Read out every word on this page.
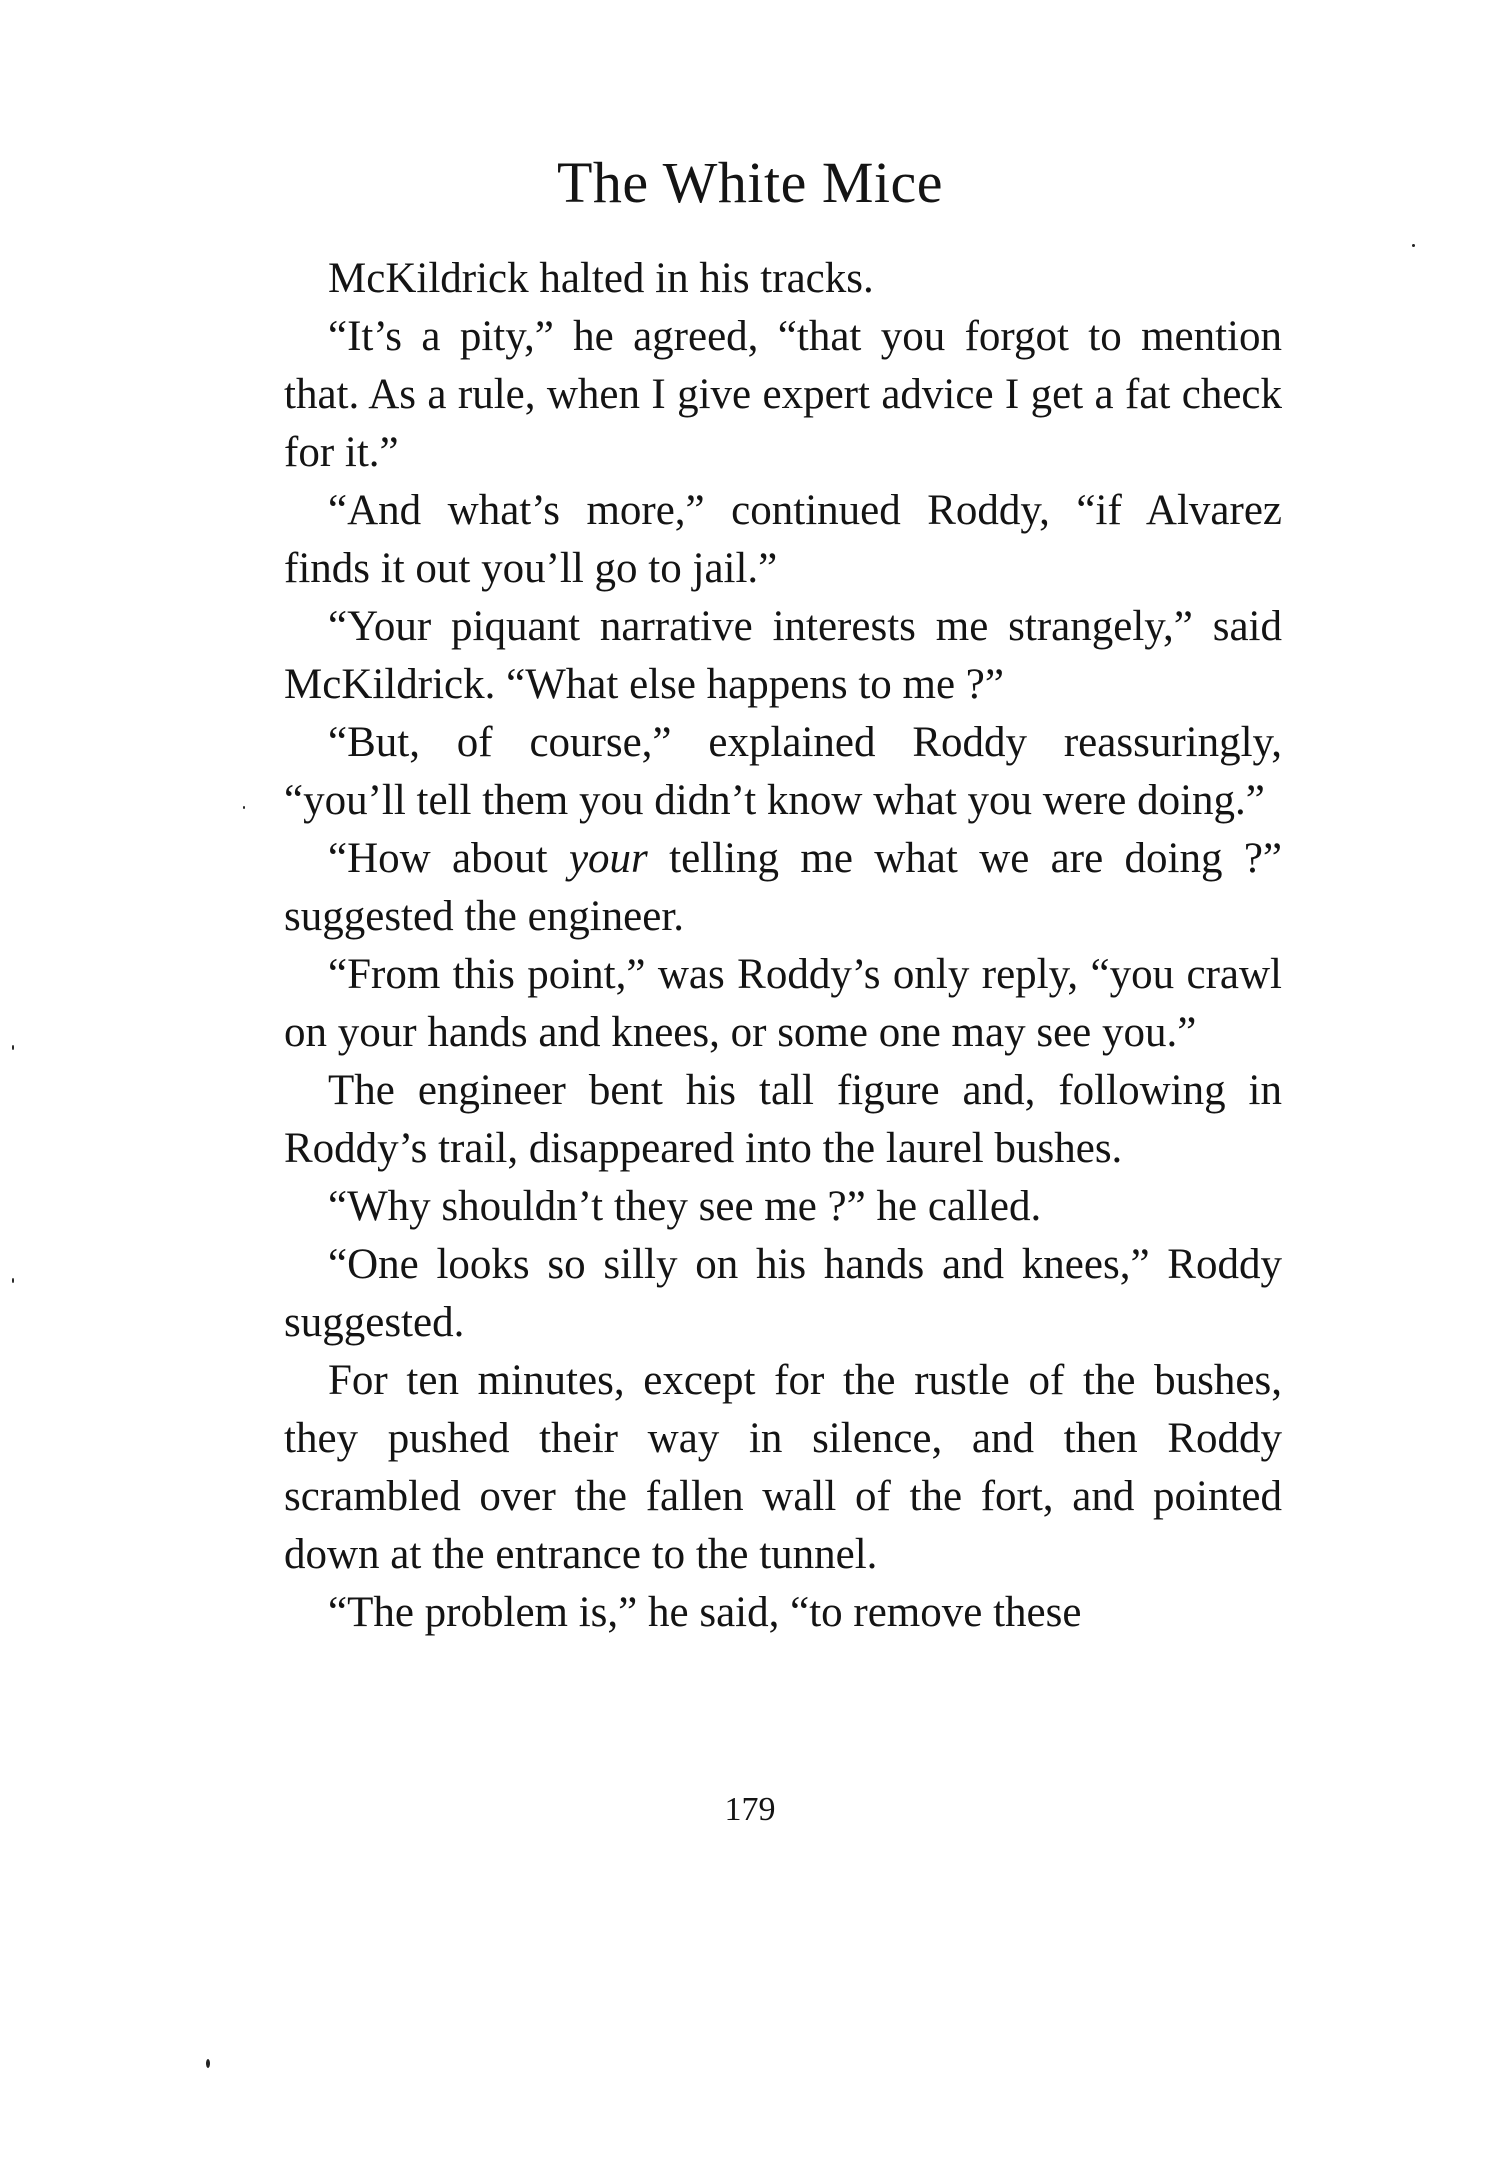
The White Mice

McKildrick halted in his tracks.

“It’s a pity,” he agreed, “that you forgot to mention that. As a rule, when I give expert advice I get a fat check for it.”

“And what’s more,” continued Roddy, “if Alvarez finds it out you’ll go to jail.”

“Your piquant narrative interests me strangely,” said McKildrick. “What else happens to me ?”

“But, of course,” explained Roddy reassuringly, “you’ll tell them you didn’t know what you were doing.”

“How about your telling me what we are doing ?” suggested the engineer.

“From this point,” was Roddy’s only reply, “you crawl on your hands and knees, or some one may see you.”

The engineer bent his tall figure and, following in Roddy’s trail, disappeared into the laurel bushes.

“Why shouldn’t they see me ?” he called.

“One looks so silly on his hands and knees,” Roddy suggested.

For ten minutes, except for the rustle of the bushes, they pushed their way in silence, and then Roddy scrambled over the fallen wall of the fort, and pointed down at the entrance to the tunnel.

“The problem is,” he said, “to remove these

179
